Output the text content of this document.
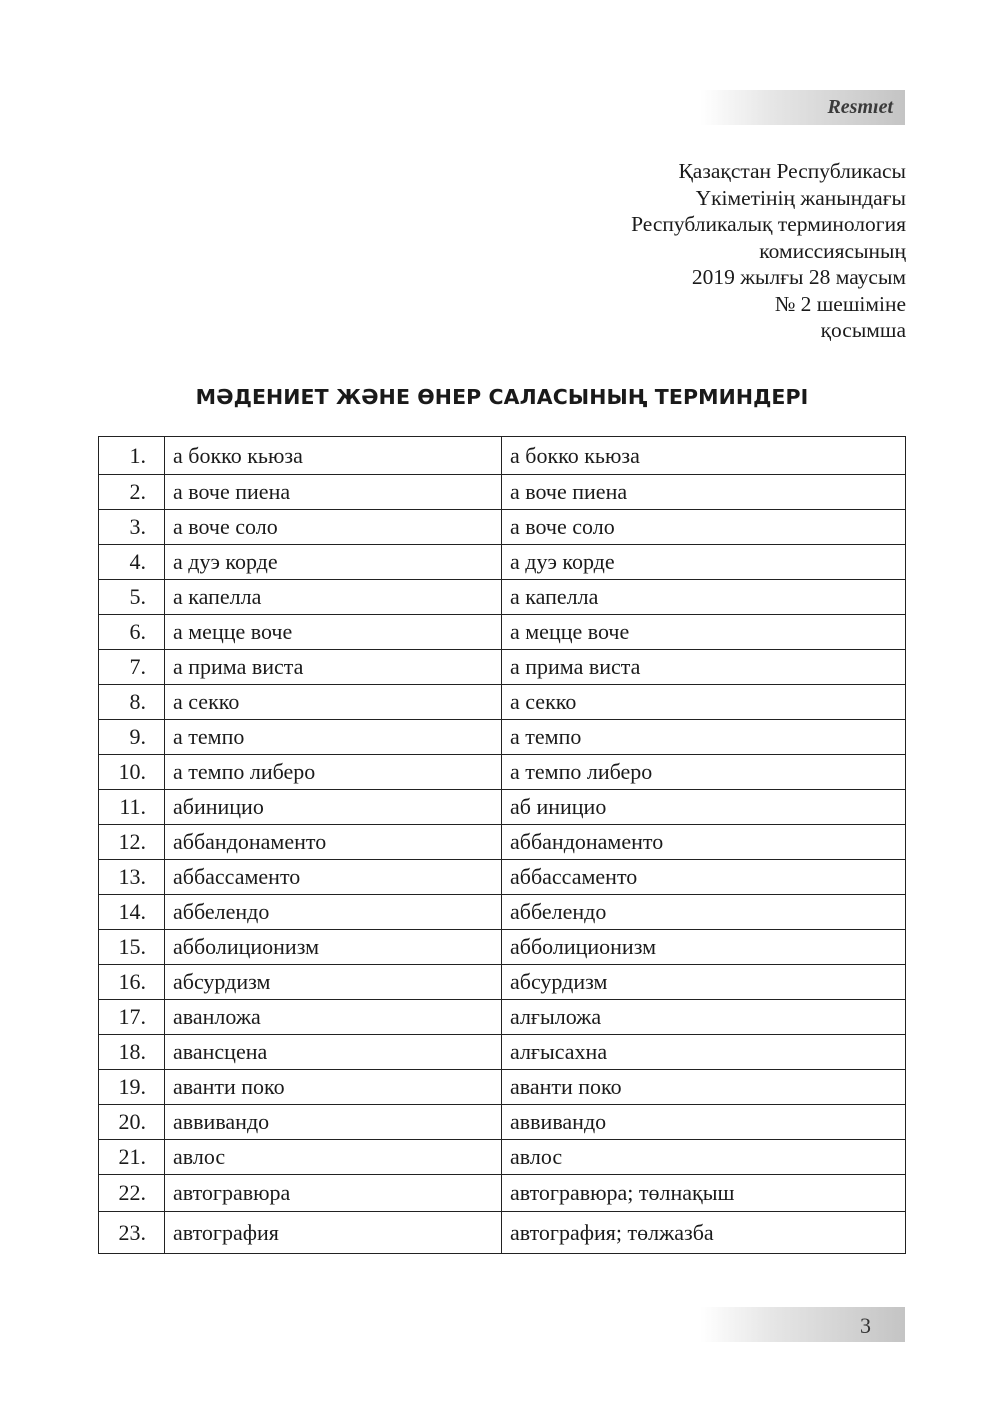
Resmıet
Қазақстан Республикасы
Үкіметінің жанындағы
Республикалық терминология
комиссиясының
2019 жылғы 28 маусым
№ 2 шешіміне
қосымша
МӘДЕНИЕТ ЖӘНЕ ӨНЕР САЛАСЫНЫҢ ТЕРМИНДЕРІ
1.	а бокко кьюза	а бокко кьюза
2.	а воче пиена	а воче пиена
3.	а воче соло	а воче соло
4.	а дуэ корде	а дуэ корде
5.	а капелла	а капелла
6.	а мецце воче	а мецце воче
7.	а прима виста	а прима виста
8.	а секко	а секко
9.	а темпо	а темпо
10.	а темпо либеро	а темпо либеро
11.	абиницио	аб инициo
12.	аббандонаменто	аббандонаменто
13.	аббассаменто	аббассаменто
14.	аббелендо	аббелендо
15.	абболиционизм	абболиционизм
16.	абсурдизм	абсурдизм
17.	аванложа	алғыложа
18.	авансцена	алғысахна
19.	аванти поко	аванти поко
20.	аввивандо	аввивандо
21.	авлос	авлос
22.	автогравюра	автогравюра; төлнақыш
23.	автография	автография; төлжазба
3
